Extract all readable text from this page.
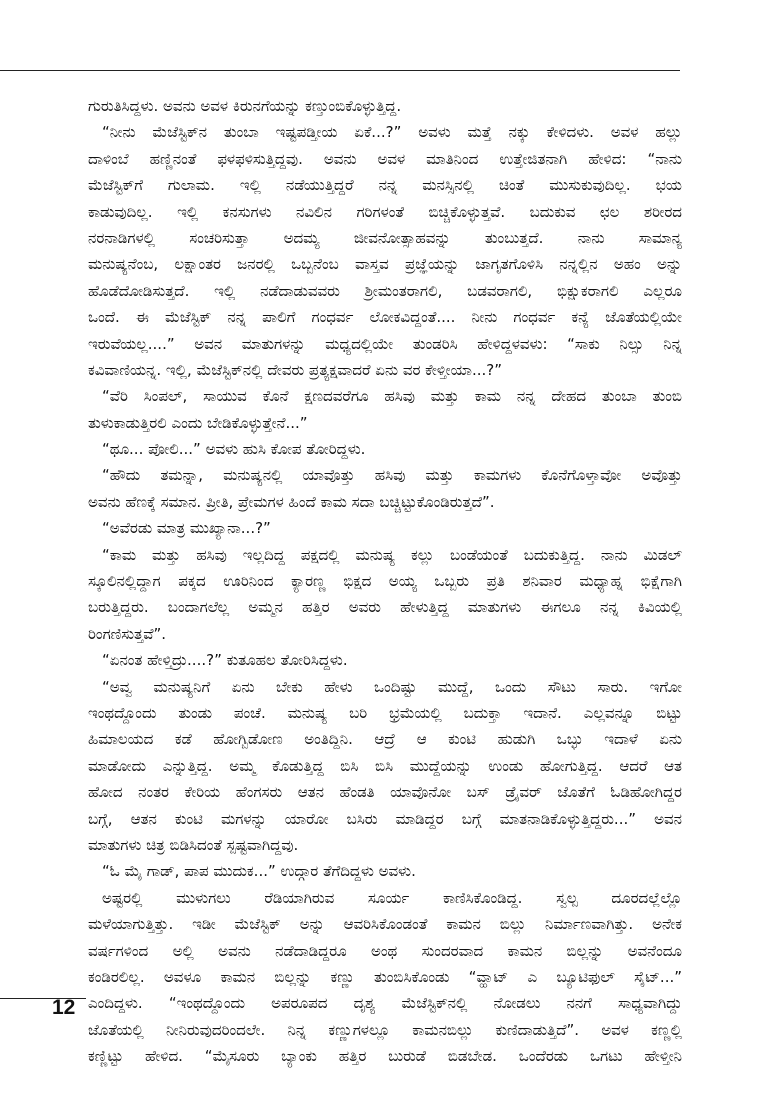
ಗುರುತಿಸಿದ್ದಳು. ಅವನು ಅವಳ ಕಿರುನಗೆಯನ್ನು ಕಣ್ತುಂಬಿಕೊಳ್ಳುತ್ತಿದ್ದ.
“ನೀನು ಮೆಜೆಸ್ಟಿಕ್‌ನ ತುಂಬಾ ಇಷ್ಟಪಡ್ತೀಯ ಏಕೆ...?” ಅವಳು ಮತ್ತೆ ನಕ್ಕು ಕೇಳಿದಳು. ಅವಳ ಹಲ್ಲು
ದಾಳಿಂಬೆ ಹಣ್ಣಿನಂತೆ ಫಳಫಳಿಸುತ್ತಿದ್ದವು. ಅವನು ಅವಳ ಮಾತಿನಿಂದ ಉತ್ತೇಜಿತನಾಗಿ ಹೇಳಿದ: “ನಾನು
ಮೆಜೆಸ್ಟಿಕ್‌ಗೆ ಗುಲಾಮ. ಇಲ್ಲಿ ನಡೆಯುತ್ತಿದ್ದರೆ ನನ್ನ ಮನಸ್ಸಿನಲ್ಲಿ ಚಿಂತೆ ಮುಸುಕುವುದಿಲ್ಲ. ಭಯ
ಕಾಡುವುದಿಲ್ಲ. ಇಲ್ಲಿ ಕನಸುಗಳು ನವಿಲಿನ ಗರಿಗಳಂತೆ ಬಿಚ್ಚಿಕೊಳ್ಳುತ್ತವೆ. ಬದುಕುವ ಛಲ ಶರೀರದ
ನರನಾಡಿಗಳಲ್ಲಿ ಸಂಚರಿಸುತ್ತಾ ಅದಮ್ಯ ಜೀವನೋತ್ಸಾಹವನ್ನು ತುಂಬುತ್ತದೆ. ನಾನು ಸಾಮಾನ್ಯ
ಮನುಷ್ಯನೆಂಬ, ಲಕ್ಷಾಂತರ ಜನರಲ್ಲಿ ಒಬ್ಬನೆಂಬ ವಾಸ್ತವ ಪ್ರಜ್ಞೆಯನ್ನು ಜಾಗೃತಗೊಳಿಸಿ ನನ್ನಲ್ಲಿನ ಅಹಂ ಅನ್ನು
ಹೊಡೆದೋಡಿಸುತ್ತದೆ. ಇಲ್ಲಿ ನಡೆದಾಡುವವರು ಶ್ರೀಮಂತರಾಗಲಿ, ಬಡವರಾಗಲಿ, ಭಿಕ್ಷುಕರಾಗಲಿ ಎಲ್ಲರೂ
ಒಂದೆ. ಈ ಮೆಜೆಸ್ಟಿಕ್ ನನ್ನ ಪಾಲಿಗೆ ಗಂಧರ್ವ ಲೋಕವಿದ್ದಂತೆ.... ನೀನು ಗಂಧರ್ವ ಕನ್ಯೆ ಜೊತೆಯಲ್ಲಿಯೇ
ಇರುವೆಯಲ್ಲ....” ಅವನ ಮಾತುಗಳನ್ನು ಮಧ್ಯದಲ್ಲಿಯೇ ತುಂಡರಿಸಿ ಹೇಳಿದ್ದಳವಳು: “ಸಾಕು ನಿಲ್ಸು ನಿನ್ನ
ಕವಿವಾಣಿಯನ್ನ. ಇಲ್ಲಿ, ಮೆಜೆಸ್ಟಿಕ್‌ನಲ್ಲಿ ದೇವರು ಪ್ರತ್ಯಕ್ಷವಾದರೆ ಏನು ವರ ಕೇಳ್ತೀಯಾ...?”
“ವೆರಿ ಸಿಂಪಲ್, ಸಾಯುವ ಕೊನೆ ಕ್ಷಣದವರೆಗೂ ಹಸಿವು ಮತ್ತು ಕಾಮ ನನ್ನ ದೇಹದ ತುಂಬಾ ತುಂಬಿ
ತುಳುಕಾಡುತ್ತಿರಲಿ ಎಂದು ಬೇಡಿಕೊಳ್ಳುತ್ತೇನೆ...”
“ಥೂ... ಪೋಲಿ...” ಅವಳು ಹುಸಿ ಕೋಪ ತೋರಿದ್ದಳು.
“ಹೌದು ತಮನ್ನಾ, ಮನುಷ್ಯನಲ್ಲಿ ಯಾವೊತ್ತು ಹಸಿವು ಮತ್ತು ಕಾಮಗಳು ಕೊನೆಗೊಳ್ತಾವೋ ಅವೊತ್ತು
ಅವನು ಹೆಣಕ್ಕೆ ಸಮಾನ. ಪ್ರೀತಿ, ಪ್ರೇಮಗಳ ಹಿಂದೆ ಕಾಮ ಸದಾ ಬಚ್ಚಿಟ್ಟುಕೊಂಡಿರುತ್ತದೆ”.
“ಅವೆರಡು ಮಾತ್ರ ಮುಖ್ಯಾನಾ...?”
“ಕಾಮ ಮತ್ತು ಹಸಿವು ಇಲ್ಲದಿದ್ದ ಪಕ್ಷದಲ್ಲಿ ಮನುಷ್ಯ ಕಲ್ಲು ಬಂಡೆಯಂತೆ ಬದುಕುತ್ತಿದ್ದ. ನಾನು ಮಿಡಲ್
ಸ್ಕೂಲಿನಲ್ಲಿದ್ದಾಗ ಪಕ್ಕದ ಊರಿನಿಂದ ಕ್ಯಾರಣ್ಣ ಭಿಕ್ಷದ ಅಯ್ಯ ಒಬ್ಬರು ಪ್ರತಿ ಶನಿವಾರ ಮಧ್ಯಾಹ್ನ ಭಿಕ್ಷೆಗಾಗಿ
ಬರುತ್ತಿದ್ದರು. ಬಂದಾಗಲೆಲ್ಲ ಅಮ್ಮನ ಹತ್ತಿರ ಅವರು ಹೇಳುತ್ತಿದ್ದ ಮಾತುಗಳು ಈಗಲೂ ನನ್ನ ಕಿವಿಯಲ್ಲಿ
ರಿಂಗಣಿಸುತ್ತವೆ”.
“ಏನಂತ ಹೇಳ್ತಿದ್ರು....?” ಕುತೂಹಲ ತೋರಿಸಿದ್ದಳು.
“ಅವ್ವ ಮನುಷ್ಯನಿಗೆ ಏನು ಬೇಕು ಹೇಳು ಒಂದಿಷ್ಟು ಮುದ್ದೆ, ಒಂದು ಸೌಟು ಸಾರು. ಇಗೋ
ಇಂಥದ್ದೊಂದು ತುಂಡು ಪಂಚೆ. ಮನುಷ್ಯ ಬರಿ ಭ್ರಮೆಯಲ್ಲಿ ಬದುಕ್ತಾ ಇದಾನೆ. ಎಲ್ಲವನ್ನೂ ಬಿಟ್ಟು
ಹಿಮಾಲಯದ ಕಡೆ ಹೋಗ್ಬಿಡೋಣ ಅಂತಿದ್ದಿನಿ. ಆದ್ರೆ ಆ ಕುಂಟಿ ಹುಡುಗಿ ಒಬ್ಳು ಇದಾಳೆ ಏನು
ಮಾಡೋದು ಎನ್ನುತ್ತಿದ್ದ. ಅಮ್ಮ ಕೊಡುತ್ತಿದ್ದ ಬಿಸಿ ಬಿಸಿ ಮುದ್ದೆಯನ್ನು ಉಂಡು ಹೋಗುತ್ತಿದ್ದ. ಆದರೆ ಆತ
ಹೋದ ನಂತರ ಕೇರಿಯ ಹೆಂಗಸರು ಆತನ ಹೆಂಡತಿ ಯಾವೊನೋ ಬಸ್ ಡ್ರೈವರ್ ಜೊತೆಗೆ ಓಡಿಹೋಗಿದ್ದರ
ಬಗ್ಗೆ, ಆತನ ಕುಂಟಿ ಮಗಳನ್ನು ಯಾರೋ ಬಸಿರು ಮಾಡಿದ್ದರ ಬಗ್ಗೆ ಮಾತನಾಡಿಕೊಳ್ಳುತ್ತಿದ್ದರು...” ಅವನ
ಮಾತುಗಳು ಚಿತ್ರ ಬಿಡಿಸಿದಂತೆ ಸ್ಪಷ್ಟವಾಗಿದ್ದವು.
“ಓ ಮೈ ಗಾಡ್, ಪಾಪ ಮುದುಕ...” ಉದ್ಗಾರ ತೆಗೆದಿದ್ದಳು ಅವಳು.
ಅಷ್ಟರಲ್ಲಿ ಮುಳುಗಲು ರೆಡಿಯಾಗಿರುವ ಸೂರ್ಯ ಕಾಣಿಸಿಕೊಂಡಿದ್ದ. ಸ್ವಲ್ಪ ದೂರದಲ್ಲೆಲ್ಲೊ
ಮಳೆಯಾಗುತ್ತಿತ್ತು. ಇಡೀ ಮೆಜೆಸ್ಟಿಕ್ ಅನ್ನು ಆವರಿಸಿಕೊಂಡಂತೆ ಕಾಮನ ಬಿಲ್ಲು ನಿರ್ಮಾಣವಾಗಿತ್ತು. ಅನೇಕ
ವರ್ಷಗಳಿಂದ ಅಲ್ಲಿ ಅವನು ನಡೆದಾಡಿದ್ದರೂ ಅಂಥ ಸುಂದರವಾದ ಕಾಮನ ಬಿಲ್ಲನ್ನು ಅವನೆಂದೂ
ಕಂಡಿರಲಿಲ್ಲ. ಅವಳೂ ಕಾಮನ ಬಿಲ್ಲನ್ನು ಕಣ್ಣು ತುಂಬಿಸಿಕೊಂಡು “ವ್ಹಾಟ್ ಎ ಬ್ಯೂಟಿಫುಲ್ ಸೈಟ್...”
ಎಂದಿದ್ದಳು. “ಇಂಥದ್ದೊಂದು ಅಪರೂಪದ ದೃಶ್ಯ ಮೆಜೆಸ್ಟಿಕ್‌ನಲ್ಲಿ ನೋಡಲು ನನಗೆ ಸಾಧ್ಯವಾಗಿದ್ದು
ಜೊತೆಯಲ್ಲಿ ನೀನಿರುವುದರಿಂದಲೇ. ನಿನ್ನ ಕಣ್ಣುಗಳಲ್ಲೂ ಕಾಮನಬಿಲ್ಲು ಕುಣಿದಾಡುತ್ತಿದೆ”. ಅವಳ ಕಣ್ಣಲ್ಲಿ
ಕಣ್ಣಿಟ್ಟು ಹೇಳಿದ. “ಮೈಸೂರು ಬ್ಯಾಂಕು ಹತ್ತಿರ ಬುರುಡೆ ಬಿಡಬೇಡ. ಒಂದೆರಡು ಒಗಟು ಹೇಳ್ತೀನಿ
12
